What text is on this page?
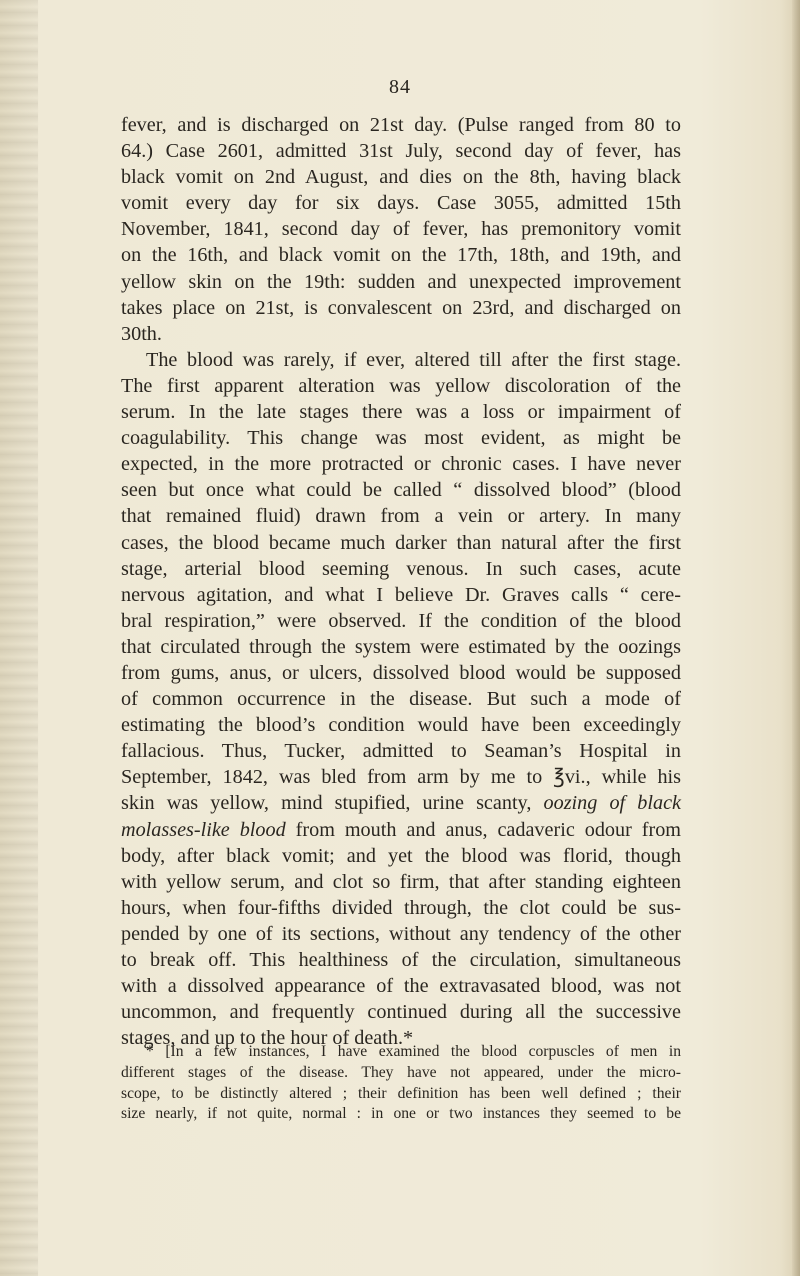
84
fever, and is discharged on 21st day. (Pulse ranged from 80 to
64.) Case 2601, admitted 31st July, second day of fever, has
black vomit on 2nd August, and dies on the 8th, having black
vomit every day for six days. Case 3055, admitted 15th
November, 1841, second day of fever, has premonitory vomit
on the 16th, and black vomit on the 17th, 18th, and 19th, and
yellow skin on the 19th: sudden and unexpected improvement
takes place on 21st, is convalescent on 23rd, and discharged on
30th.
The blood was rarely, if ever, altered till after the first stage.
The first apparent alteration was yellow discoloration of the
serum. In the late stages there was a loss or impairment of
coagulability. This change was most evident, as might be
expected, in the more protracted or chronic cases. I have never
seen but once what could be called “ dissolved blood” (blood
that remained fluid) drawn from a vein or artery. In many
cases, the blood became much darker than natural after the first
stage, arterial blood seeming venous. In such cases, acute
nervous agitation, and what I believe Dr. Graves calls “ cere-
bral respiration,” were observed. If the condition of the blood
that circulated through the system were estimated by the oozings
from gums, anus, or ulcers, dissolved blood would be supposed
of common occurrence in the disease. But such a mode of
estimating the blood’s condition would have been exceedingly
fallacious. Thus, Tucker, admitted to Seaman’s Hospital in
September, 1842, was bled from arm by me to ℥vi., while his
skin was yellow, mind stupified, urine scanty, oozing of black
molasses-like blood from mouth and anus, cadaveric odour from
body, after black vomit; and yet the blood was florid, though
with yellow serum, and clot so firm, that after standing eighteen
hours, when four-fifths divided through, the clot could be sus-
pended by one of its sections, without any tendency of the other
to break off. This healthiness of the circulation, simultaneous
with a dissolved appearance of the extravasated blood, was not
uncommon, and frequently continued during all the successive
stages, and up to the hour of death.*
* [In a few instances, I have examined the blood corpuscles of men in
different stages of the disease. They have not appeared, under the micro-
scope, to be distinctly altered ; their definition has been well defined ; their
size nearly, if not quite, normal : in one or two instances they seemed to be
